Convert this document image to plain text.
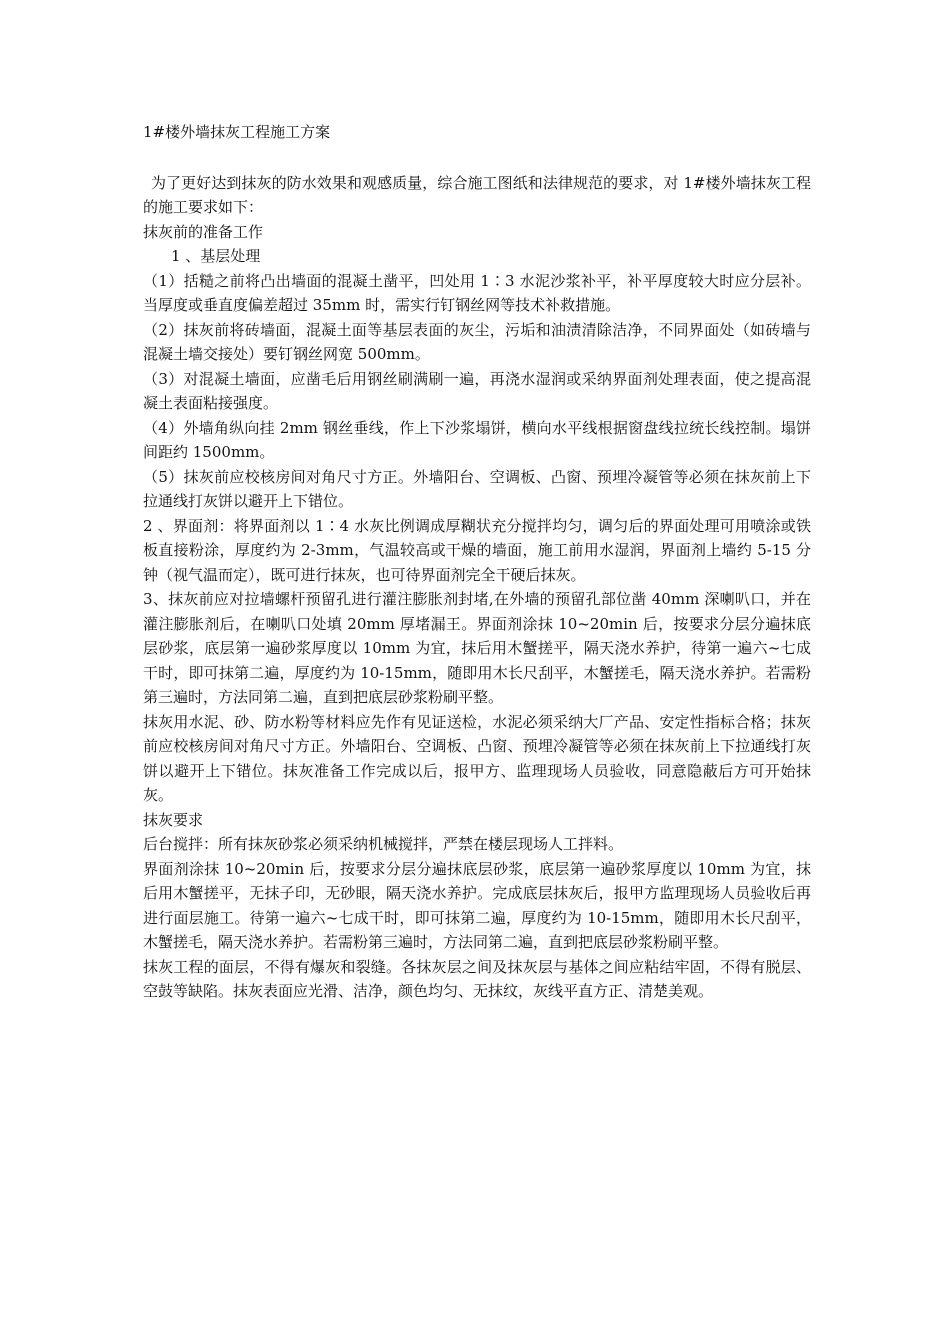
1#楼外墙抹灰工程施工方案

为了更好达到抹灰的防水效果和观感质量，综合施工图纸和法律规范的要求，对 1#楼外墙抹灰工程的施工要求如下：

抹灰前的准备工作

1 、基层处理

（1）括糙之前将凸出墙面的混凝土凿平，凹处用 1∶3 水泥沙浆补平，补平厚度较大时应分层补。当厚度或垂直度偏差超过 35mm 时，需实行钉钢丝网等技术补救措施。

（2）抹灰前将砖墙面，混凝土面等基层表面的灰尘，污垢和油渍清除洁净，不同界面处（如砖墙与混凝土墙交接处）要钉钢丝网宽 500mm。

（3）对混凝土墙面，应凿毛后用钢丝刷满刷一遍，再浇水湿润或采纳界面剂处理表面，使之提高混凝土表面粘接强度。

（4）外墙角纵向挂 2mm 钢丝垂线，作上下沙浆塌饼，横向水平线根据窗盘线拉统长线控制。塌饼间距约 1500mm。

（5）抹灰前应校核房间对角尺寸方正。外墙阳台、空调板、凸窗、预埋冷凝管等必须在抹灰前上下拉通线打灰饼以避开上下错位。

2 、界面剂：将界面剂以 1∶4 水灰比例调成厚糊状充分搅拌均匀，调匀后的界面处理可用喷涂或铁板直接粉涂，厚度约为 2-3mm，气温较高或干燥的墙面，施工前用水湿润，界面剂上墙约 5-15 分钟（视气温而定），既可进行抹灰，也可待界面剂完全干硬后抹灰。

3、抹灰前应对拉墙螺杆预留孔进行灌注膨胀剂封堵,在外墙的预留孔部位凿 40mm 深喇叭口，并在灌注膨胀剂后，在喇叭口处填 20mm 厚堵漏王。界面剂涂抹 10~20min 后，按要求分层分遍抹底层砂浆，底层第一遍砂浆厚度以 10mm 为宜，抹后用木蟹搓平，隔天浇水养护，待第一遍六~七成干时，即可抹第二遍，厚度约为 10-15mm，随即用木长尺刮平，木蟹搓毛，隔天浇水养护。若需粉第三遍时，方法同第二遍，直到把底层砂浆粉刷平整。

抹灰用水泥、砂、防水粉等材料应先作有见证送检，水泥必须采纳大厂产品、安定性指标合格；抹灰前应校核房间对角尺寸方正。外墙阳台、空调板、凸窗、预埋冷凝管等必须在抹灰前上下拉通线打灰饼以避开上下错位。抹灰准备工作完成以后，报甲方、监理现场人员验收，同意隐蔽后方可开始抹灰。

抹灰要求

后台搅拌：所有抹灰砂浆必须采纳机械搅拌，严禁在楼层现场人工拌料。

界面剂涂抹 10~20min 后，按要求分层分遍抹底层砂浆，底层第一遍砂浆厚度以 10mm 为宜，抹后用木蟹搓平，无抹子印，无砂眼，隔天浇水养护。完成底层抹灰后，报甲方监理现场人员验收后再进行面层施工。待第一遍六~七成干时，即可抹第二遍，厚度约为 10-15mm，随即用木长尺刮平，木蟹搓毛，隔天浇水养护。若需粉第三遍时，方法同第二遍，直到把底层砂浆粉刷平整。

抹灰工程的面层，不得有爆灰和裂缝。各抹灰层之间及抹灰层与基体之间应粘结牢固，不得有脱层、空鼓等缺陷。抹灰表面应光滑、洁净，颜色均匀、无抹纹，灰线平直方正、清楚美观。
